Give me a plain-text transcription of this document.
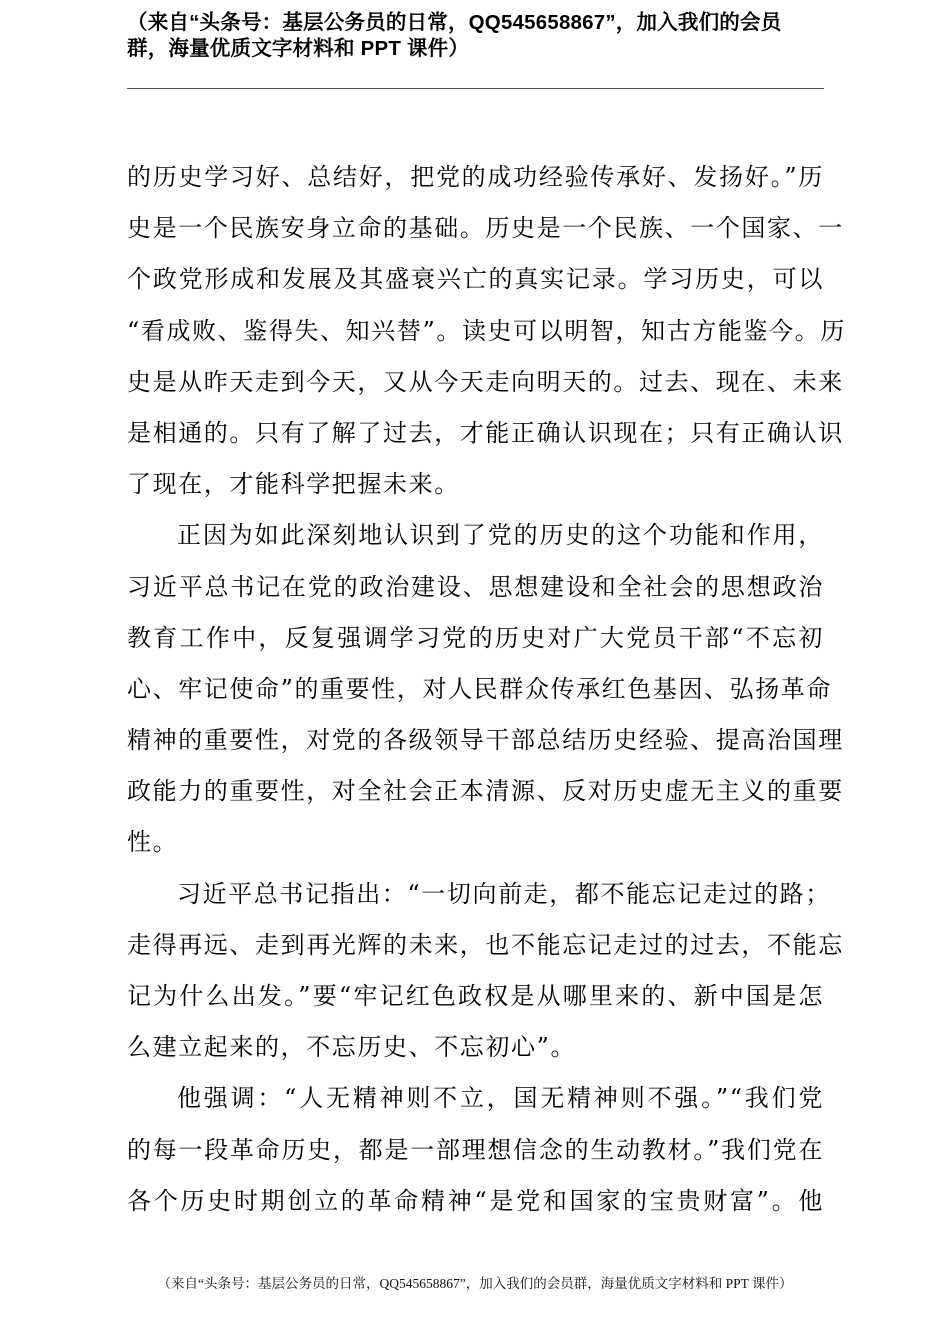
（来自“头条号：基层公务员的日常，QQ545658867”，加入我们的会员
群，海量优质文字材料和 PPT 课件）
的历史学习好、总结好，把党的成功经验传承好、发扬好。”历
史是一个民族安身立命的基础。历史是一个民族、一个国家、一
个政党形成和发展及其盛衰兴亡的真实记录。学习历史，可以
“看成败、鉴得失、知兴替”。读史可以明智，知古方能鉴今。历
史是从昨天走到今天，又从今天走向明天的。过去、现在、未来
是相通的。只有了解了过去，才能正确认识现在；只有正确认识
了现在，才能科学把握未来。
正因为如此深刻地认识到了党的历史的这个功能和作用，
习近平总书记在党的政治建设、思想建设和全社会的思想政治
教育工作中，反复强调学习党的历史对广大党员干部“不忘初
心、牢记使命”的重要性，对人民群众传承红色基因、弘扬革命
精神的重要性，对党的各级领导干部总结历史经验、提高治国理
政能力的重要性，对全社会正本清源、反对历史虚无主义的重要
性。
习近平总书记指出：“一切向前走，都不能忘记走过的路；
走得再远、走到再光辉的未来，也不能忘记走过的过去，不能忘
记为什么出发。”要“牢记红色政权是从哪里来的、新中国是怎
么建立起来的，不忘历史、不忘初心”。
他强调：“人无精神则不立，国无精神则不强。”“我们党
的每一段革命历史，都是一部理想信念的生动教材。”我们党在
各个历史时期创立的革命精神“是党和国家的宝贵财富”。他
（来自“头条号：基层公务员的日常，QQ545658867”，加入我们的会员群，海量优质文字材料和 PPT 课件）
